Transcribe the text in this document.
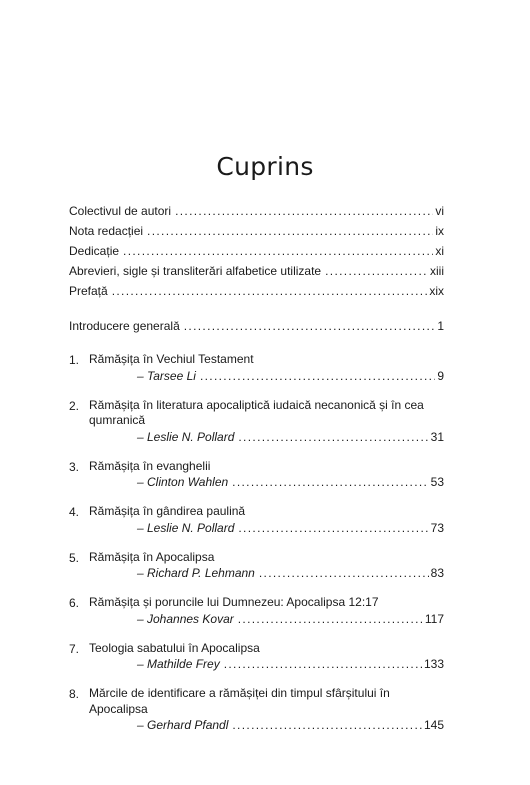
Cuprins
Colectivul de autori . . .	vi
Nota redacției . . .	ix
Dedicație . . .	xi
Abrevieri, sigle și transliterări alfabetice utilizate . . .	xiii
Prefață . . .	xix
Introducere generală . . .	1
1. Rămășița în Vechiul Testament
– Tarsee Li . . .	9
2. Rămășița în literatura apocaliptică iudaică necanonică și în cea qumranică
– Leslie N. Pollard . . .	31
3. Rămășița în evanghelii
– Clinton Wahlen . . .	53
4. Rămășița în gândirea paulină
– Leslie N. Pollard . . .	73
5. Rămășița în Apocalipsa
– Richard P. Lehmann . . .	83
6. Rămășița și poruncile lui Dumnezeu: Apocalipsa 12:17
– Johannes Kovar . . .	117
7. Teologia sabatului în Apocalipsa
– Mathilde Frey . . .	133
8. Mărcile de identificare a rămășiței din timpul sfârșitului în Apocalipsa
– Gerhard Pfandl . . .	145
